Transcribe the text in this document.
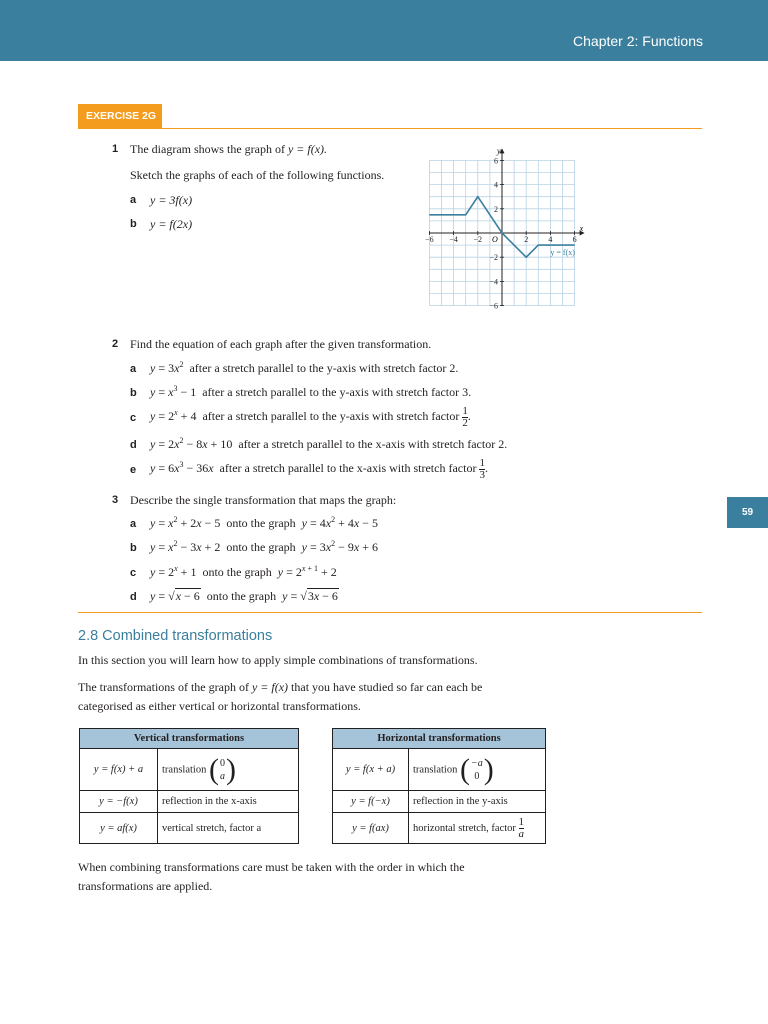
Chapter 2: Functions
59
EXERCISE 2G
1 The diagram shows the graph of y = f(x).
Sketch the graphs of each of the following functions.
a y = 3f(x)
b y = f(2x)
−6 −4 −2	2	4	6
6
4
2
−2
−4
−6
y
x
O
y = f(x)
2 Find the equation of each graph after the given transformation.
a $y = 3x^2$ after a stretch parallel to the y-axis with stretch factor 2.
b $y = x^3 - 1$  after a stretch parallel to the y-axis with stretch factor 3.
c $y = 2^x + 4$  after a stretch parallel to the y-axis with stretch factor $\frac{1}{2}$ .
d $y = 2x^2 - 8x + 10$  after a stretch parallel to the x-axis with stretch factor 2.
e $y = 6x^3 - 36x$ after a stretch parallel to the x-axis with stretch factor $\frac{1}{3}$ .
3 Describe the single transformation that maps the graph:
a $y = x^2 + 2x - 5$  onto the graph $y = 4x^2 + 4x - 5$
b $y = x^2 - 3x + 2$  onto the graph $y = 3x^2 - 9x + 6$
c $y = 2^x + 1$  onto the graph $y = 2^{x + 1} + 2$
d y = √x − 6 onto the graph y = √3x − 6
2.8 Combined transformations
In this section you will learn how to apply simple combinations of transformations.
The transformations of the graph of y = f(x) that you have studied so far can each be
categorised as either vertical or horizontal transformations.
Vertical transformations	
y = f(x) + a	translation ( 0
a )

y = −f(x)	reflection in the x-axis
y = af(x)	vertical stretch, factor a
Horizontal transformations	
y = f(x + a)	translation ( −a
0 )

y = f(−x)	reflection in the y-axis
y = f(ax)	horizontal stretch, factor $\frac{1}{a}$
When combining transformations care must be taken with the order in which the
transformations are applied.
